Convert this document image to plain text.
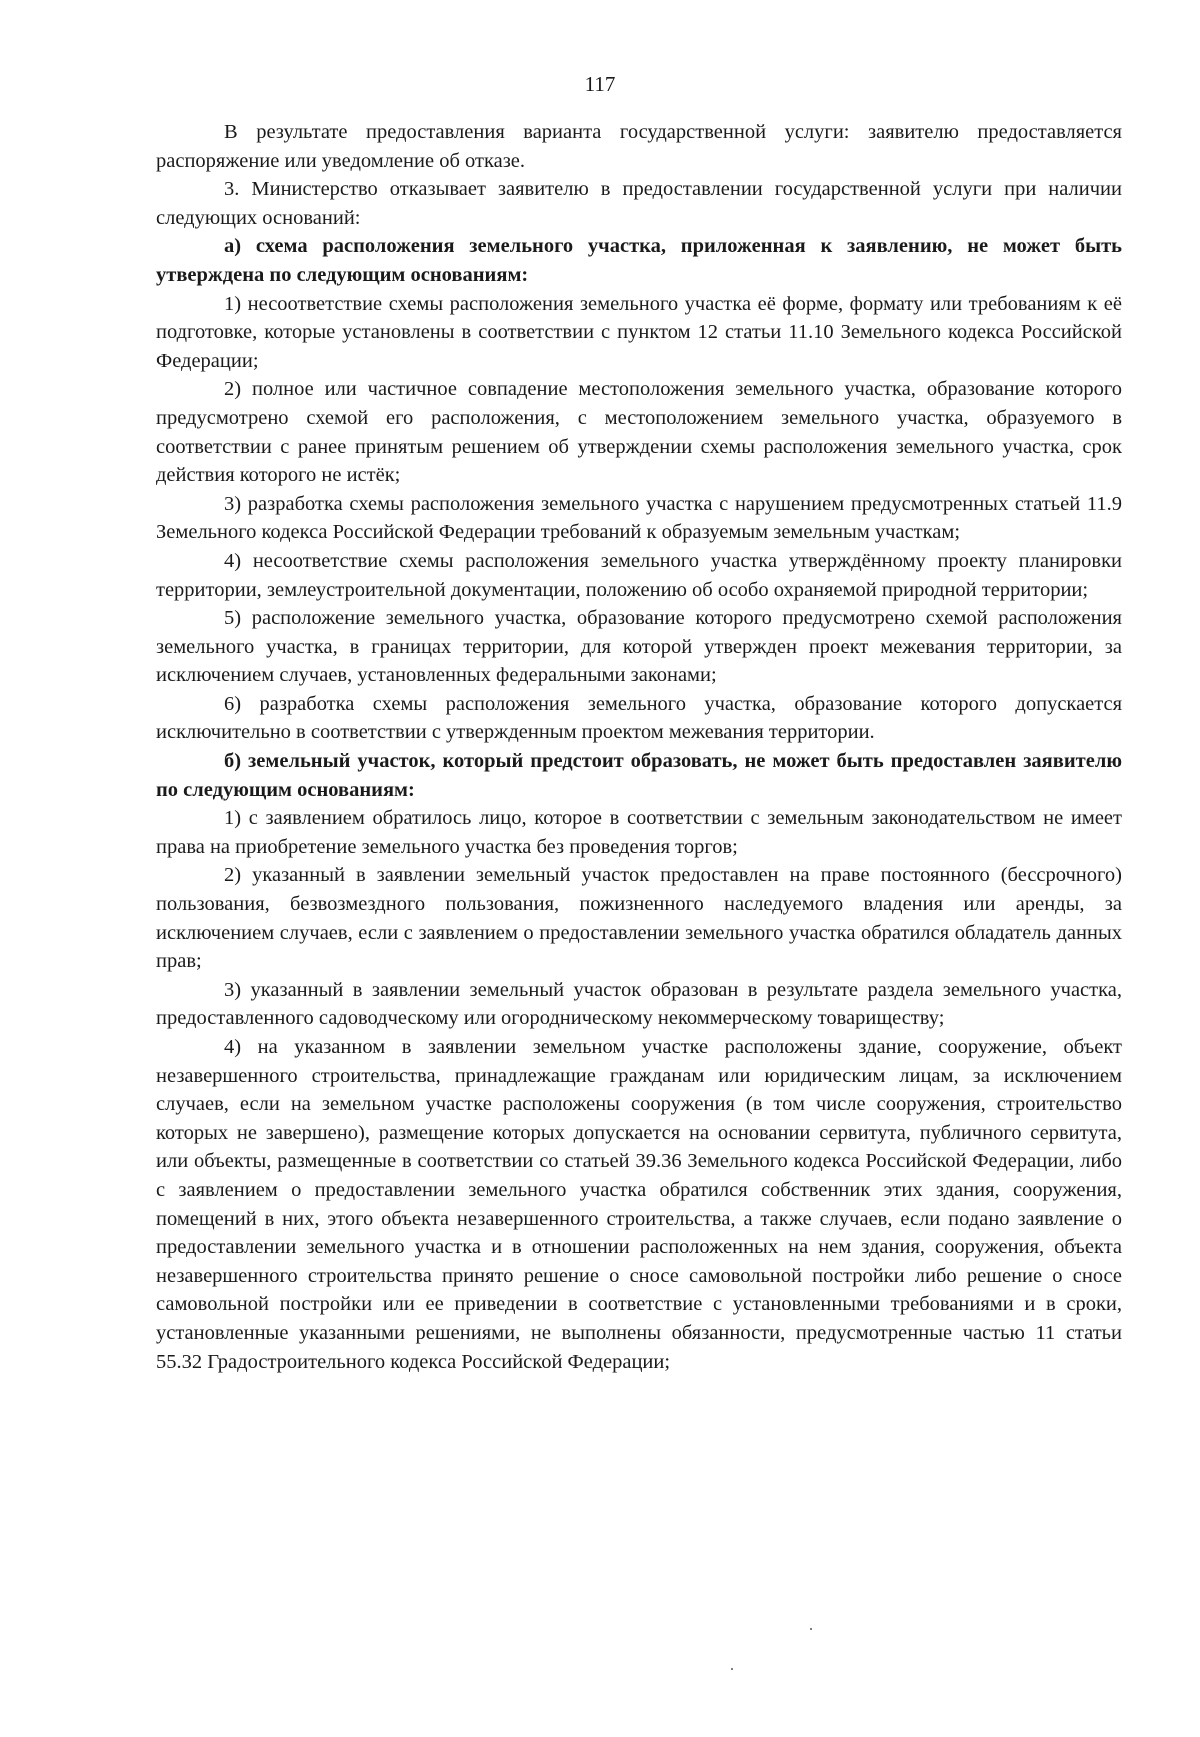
117

В результате предоставления варианта государственной услуги: заявителю предоставляется распоряжение или уведомление об отказе.

3. Министерство отказывает заявителю в предоставлении государственной услуги при наличии следующих оснований:

а) схема расположения земельного участка, приложенная к заявлению, не может быть утверждена по следующим основаниям:

1) несоответствие схемы расположения земельного участка её форме, формату или требованиям к её подготовке, которые установлены в соответствии с пунктом 12 статьи 11.10 Земельного кодекса Российской Федерации;

2) полное или частичное совпадение местоположения земельного участка, образование которого предусмотрено схемой его расположения, с местоположением земельного участка, образуемого в соответствии с ранее принятым решением об утверждении схемы расположения земельного участка, срок действия которого не истёк;

3) разработка схемы расположения земельного участка с нарушением предусмотренных статьей 11.9 Земельного кодекса Российской Федерации требований к образуемым земельным участкам;

4) несоответствие схемы расположения земельного участка утверждённому проекту планировки территории, землеустроительной документации, положению об особо охраняемой природной территории;

5) расположение земельного участка, образование которого предусмотрено схемой расположения земельного участка, в границах территории, для которой утвержден проект межевания территории, за исключением случаев, установленных федеральными законами;

6) разработка схемы расположения земельного участка, образование которого допускается исключительно в соответствии с утвержденным проектом межевания территории.

б) земельный участок, который предстоит образовать, не может быть предоставлен заявителю по следующим основаниям:

1) с заявлением обратилось лицо, которое в соответствии с земельным законодательством не имеет права на приобретение земельного участка без проведения торгов;

2) указанный в заявлении земельный участок предоставлен на праве постоянного (бессрочного) пользования, безвозмездного пользования, пожизненного наследуемого владения или аренды, за исключением случаев, если с заявлением о предоставлении земельного участка обратился обладатель данных прав;

3) указанный в заявлении земельный участок образован в результате раздела земельного участка, предоставленного садоводческому или огородническому некоммерческому товариществу;

4) на указанном в заявлении земельном участке расположены здание, сооружение, объект незавершенного строительства, принадлежащие гражданам или юридическим лицам, за исключением случаев, если на земельном участке расположены сооружения (в том числе сооружения, строительство которых не завершено), размещение которых допускается на основании сервитута, публичного сервитута, или объекты, размещенные в соответствии со статьей 39.36 Земельного кодекса Российской Федерации, либо с заявлением о предоставлении земельного участка обратился собственник этих здания, сооружения, помещений в них, этого объекта незавершенного строительства, а также случаев, если подано заявление о предоставлении земельного участка и в отношении расположенных на нем здания, сооружения, объекта незавершенного строительства принято решение о сносе самовольной постройки либо решение о сносе самовольной постройки или ее приведении в соответствие с установленными требованиями и в сроки, установленные указанными решениями, не выполнены обязанности, предусмотренные частью 11 статьи 55.32 Градостроительного кодекса Российской Федерации;
